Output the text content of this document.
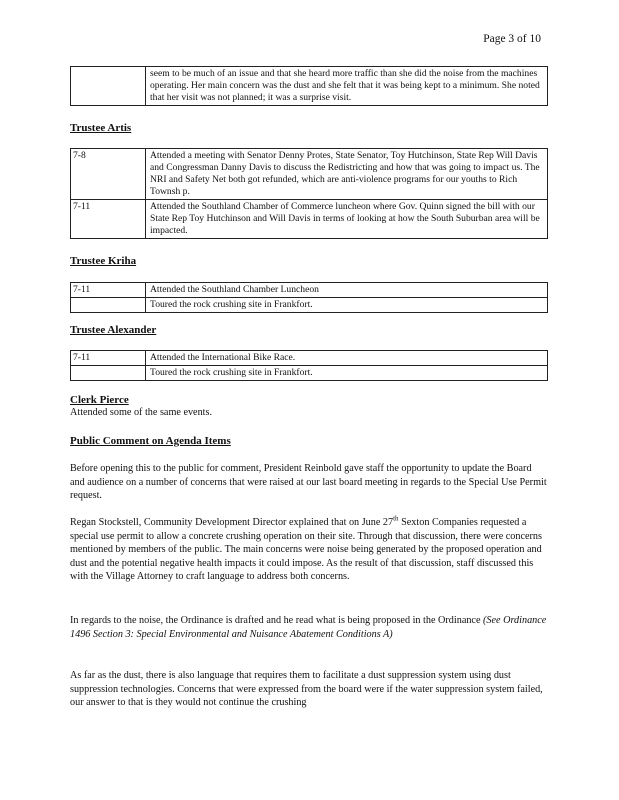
Page 3 of 10
	seem to be much of an issue and that she heard more traffic than she did the noise from the machines operating. Her main concern was the dust and she felt that it was being kept to a minimum. She noted that her visit was not planned; it was a surprise visit.
Trustee Artis
7-8	Attended a meeting with Senator Denny Protes, State Senator, Toy Hutchinson, State Rep Will Davis and Congressman Danny Davis to discuss the Redistricting and how that was going to impact us. The NRI and Safety Net both got refunded, which are anti-violence programs for our youths to Rich Townsh p.
7-11	Attended the Southland Chamber of Commerce luncheon where Gov. Quinn signed the bill with our State Rep Toy Hutchinson and Will Davis in terms of looking at how the South Suburban area will be impacted.
Trustee Kriha
7-11	Attended the Southland Chamber Luncheon
	Toured the rock crushing site in Frankfort.
Trustee Alexander
7-11	Attended the International Bike Race.
	Toured the rock crushing site in Frankfort.
Clerk Pierce
Attended some of the same events.
Public Comment on Agenda Items
Before opening this to the public for comment, President Reinbold gave staff the opportunity to update the Board and audience on a number of concerns that were raised at our last board meeting in regards to the Special Use Permit request.
Regan Stockstell, Community Development Director explained that on June 27th Sexton Companies requested a special use permit to allow a concrete crushing operation on their site. Through that discussion, there were concerns mentioned by members of the public. The main concerns were noise being generated by the proposed operation and dust and the potential negative health impacts it could impose. As the result of that discussion, staff discussed this with the Village Attorney to craft language to address both concerns.
In regards to the noise, the Ordinance is drafted and he read what is being proposed in the Ordinance (See Ordinance 1496 Section 3: Special Environmental and Nuisance Abatement Conditions A)
As far as the dust, there is also language that requires them to facilitate a dust suppression system using dust suppression technologies. Concerns that were expressed from the board were if the water suppression system failed, our answer to that is they would not continue the crushing
